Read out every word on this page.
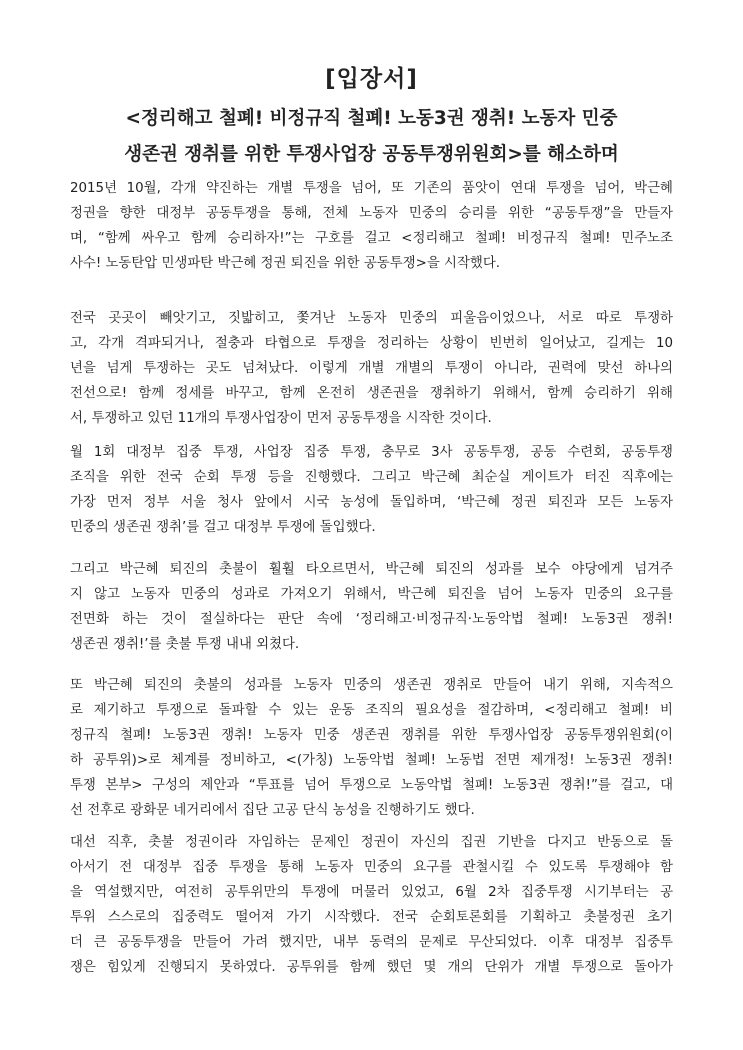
[입장서]
<정리해고 철폐! 비정규직 철폐! 노동3권 쟁취! 노동자 민중
생존권 쟁취를 위한 투쟁사업장 공동투쟁위원회>를 해소하며
2015년 10월, 각개 약진하는 개별 투쟁을 넘어, 또 기존의 품앗이 연대 투쟁을 넘어, 박근혜
정권을 향한 대정부 공동투쟁을 통해, 전체 노동자 민중의 승리를 위한 “공동투쟁”을 만들자
며, “함께 싸우고 함께 승리하자!”는 구호를 걸고 <정리해고 철폐! 비정규직 철폐! 민주노조
사수! 노동탄압 민생파탄 박근혜 정권 퇴진을 위한 공동투쟁>을 시작했다.
전국 곳곳이 빼앗기고, 짓밟히고, 쫓겨난 노동자 민중의 피울음이었으나, 서로 따로 투쟁하
고, 각개 격파되거나, 절충과 타협으로 투쟁을 정리하는 상황이 빈번히 일어났고, 길게는 10
년을 넘게 투쟁하는 곳도 넘쳐났다. 이렇게 개별 개별의 투쟁이 아니라, 권력에 맞선 하나의
전선으로! 함께 정세를 바꾸고, 함께 온전히 생존권을 쟁취하기 위해서, 함께 승리하기 위해
서, 투쟁하고 있던 11개의 투쟁사업장이 먼저 공동투쟁을 시작한 것이다.
월 1회 대정부 집중 투쟁, 사업장 집중 투쟁, 충무로 3사 공동투쟁, 공동 수련회, 공동투쟁
조직을 위한 전국 순회 투쟁 등을 진행했다. 그리고 박근혜 최순실 게이트가 터진 직후에는
가장 먼저 정부 서울 청사 앞에서 시국 농성에 돌입하며, ‘박근혜 정권 퇴진과 모든 노동자
민중의 생존권 쟁취’를 걸고 대정부 투쟁에 돌입했다.
그리고 박근혜 퇴진의 촛불이 훨훨 타오르면서, 박근혜 퇴진의 성과를 보수 야당에게 넘겨주
지 않고 노동자 민중의 성과로 가져오기 위해서, 박근혜 퇴진을 넘어 노동자 민중의 요구를
전면화 하는 것이 절실하다는 판단 속에 ‘정리해고·비정규직·노동악법 철폐! 노동3권 쟁취!
생존권 쟁취!’를 촛불 투쟁 내내 외쳤다.
또 박근혜 퇴진의 촛불의 성과를 노동자 민중의 생존권 쟁취로 만들어 내기 위해, 지속적으
로 제기하고 투쟁으로 돌파할 수 있는 운동 조직의 필요성을 절감하며, <정리해고 철폐! 비
정규직 철폐! 노동3권 쟁취! 노동자 민중 생존권 쟁취를 위한 투쟁사업장 공동투쟁위원회(이
하 공투위)>로 체계를 정비하고, <(가칭) 노동악법 철폐! 노동법 전면 제개정! 노동3권 쟁취!
투쟁 본부> 구성의 제안과 “투표를 넘어 투쟁으로 노동악법 철폐! 노동3권 쟁취!”를 걸고, 대
선 전후로 광화문 네거리에서 집단 고공 단식 농성을 진행하기도 했다.
대선 직후, 촛불 정권이라 자임하는 문제인 정권이 자신의 집권 기반을 다지고 반동으로 돌
아서기 전 대정부 집중 투쟁을 통해 노동자 민중의 요구를 관철시킬 수 있도록 투쟁해야 함
을 역설했지만, 여전히 공투위만의 투쟁에 머물러 있었고, 6월 2차 집중투쟁 시기부터는 공
투위 스스로의 집중력도 떨어져 가기 시작했다. 전국 순회토론회를 기획하고 촛불정권 초기
더 큰 공동투쟁을 만들어 가려 했지만, 내부 동력의 문제로 무산되었다. 이후 대정부 집중투
쟁은 힘있게 진행되지 못하였다. 공투위를 함께 했던 몇 개의 단위가 개별 투쟁으로 돌아가
